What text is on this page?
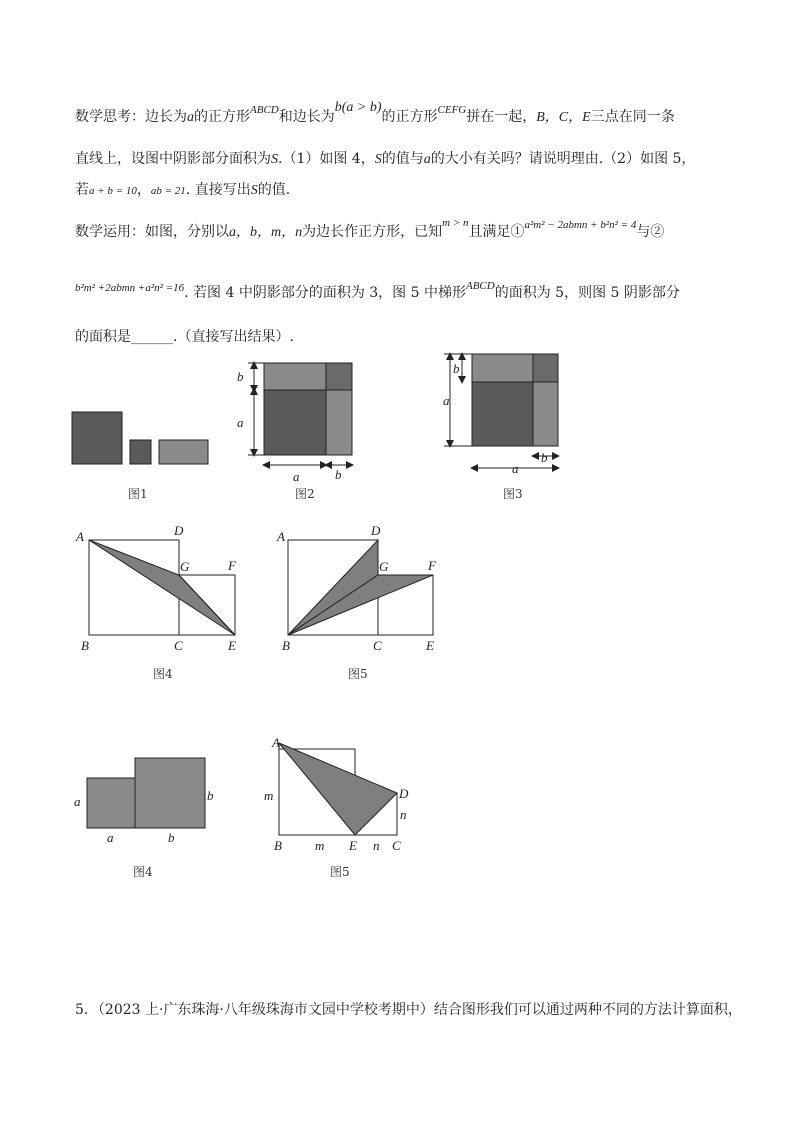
数学思考：边长为a的正方形$^{ABCD}$和边长为b(a > b)的正方形$^{CEFG}$拼在一起，B，C，E三点在同一条
直线上，设图中阴影部分面积为S.（1）如图 4，S的值与a的大小有关吗？请说明理由.（2）如图 5，
若a + b = 10，ab = 21. 直接写出S的值.
数学运用：如图，分别以a，b，m，n为边长作正方形，已知$^{m > n}$且满足①$^{a^2m^2 - 2abmn + b^2n^2 = 4}$与②
$^{b^2m^2 +2abmn +a^2n^2 =16}$. 若图 4 中阴影部分的面积为 3，图 5 中梯形$^{ABCD}$的面积为 5，则图 5 阴影部分
的面积是______.（直接写出结果）.
5．（2023 上·广东珠海·八年级珠海市文园中学校考期中）结合图形我们可以通过两种不同的方法计算面积，
图1
b
a
a	b
图2
b
a
a
b
图3
A	D
G	F
B	C	E
图4
A	D
G	F
B	C	E
图5
a	b
a	b
图4
A
D
m
n
B	m E n C
图5
